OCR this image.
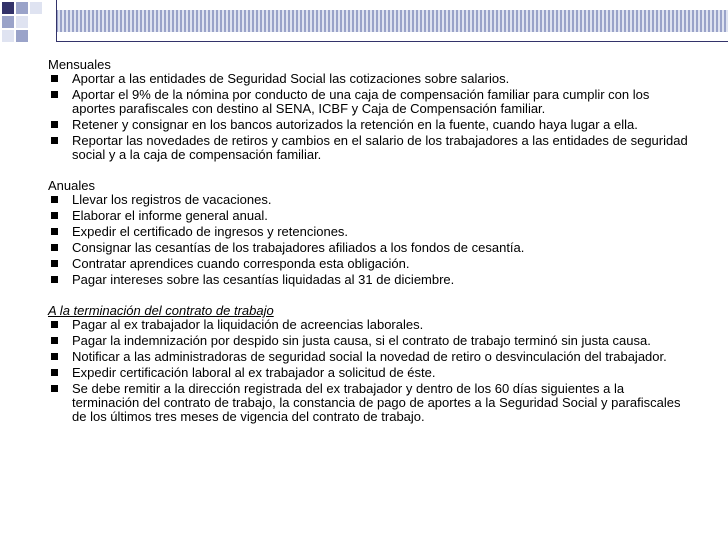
Mensuales

Aportar a las entidades de Seguridad Social las cotizaciones sobre salarios.
Aportar el 9% de la nómina por conducto de una caja de compensación familiar para cumplir con los aportes parafiscales con destino al SENA, ICBF y Caja de Compensación familiar.
Retener y consignar en los bancos autorizados la retención en la fuente, cuando haya lugar a ella.
Reportar las novedades de retiros y cambios en el salario de los trabajadores a las entidades de seguridad social y a la caja de compensación familiar.

Anuales

Llevar los registros de vacaciones.
Elaborar el informe general anual.
Expedir el certificado de ingresos y retenciones.
Consignar las cesantías de los trabajadores afiliados a los fondos de cesantía.
Contratar aprendices cuando corresponda esta obligación.
Pagar intereses sobre las cesantías liquidadas al 31 de diciembre.

A la terminación del contrato de trabajo

Pagar al ex trabajador la liquidación de acreencias laborales.
Pagar la indemnización por despido sin justa causa, si el contrato de trabajo terminó sin justa causa.
Notificar a las administradoras de seguridad social la novedad de retiro o desvinculación del trabajador.
Expedir certificación laboral al ex trabajador a solicitud de éste.
Se debe remitir a la dirección registrada del ex trabajador y dentro de los 60 días siguientes a la terminación del contrato de trabajo, la constancia de pago de aportes a la Seguridad Social y parafiscales de los últimos tres meses de vigencia del contrato de trabajo.
